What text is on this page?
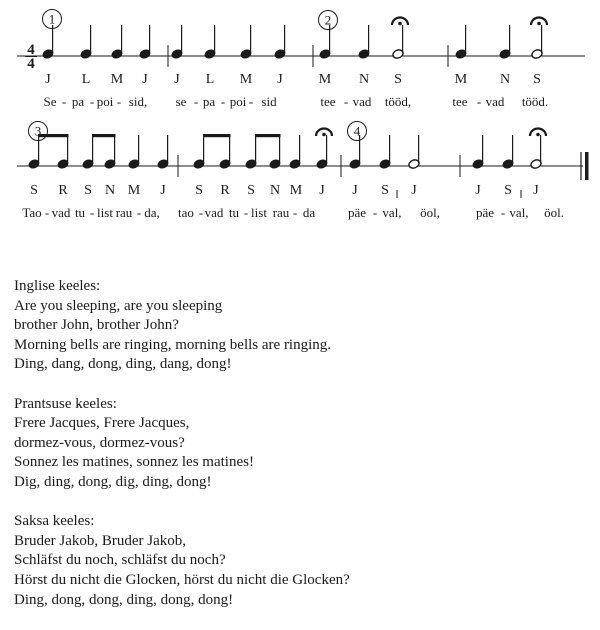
4
4
J L M J J L M J	M N S	M N S
1	2
Se - pa - poi - sid, se - pa - poi - sid	tee - vad tööd,	tee - vad tööd.
3	4
S R S N M J S R S N M J J S J	J S J
Tao - vad tu - list rau - da, tao - vad tu - list rau - da	päe - val, öol,	päe - val, öol.
Inglise keeles:
Are you sleeping, are you sleeping
brother John, brother John?
Morning bells are ringing, morning bells are ringing.
Ding, dang, dong, ding, dang, dong!
Prantsuse keeles:
Frere Jacques, Frere Jacques,
dormez-vous, dormez-vous?
Sonnez les matines, sonnez les matines!
Dig, ding, dong, dig, ding, dong!
Saksa keeles:
Bruder Jakob, Bruder Jakob,
Schläfst du noch, schläfst du noch?
Hörst du nicht die Glocken, hörst du nicht die Glocken?
Ding, dong, dong, ding, dong, dong!
